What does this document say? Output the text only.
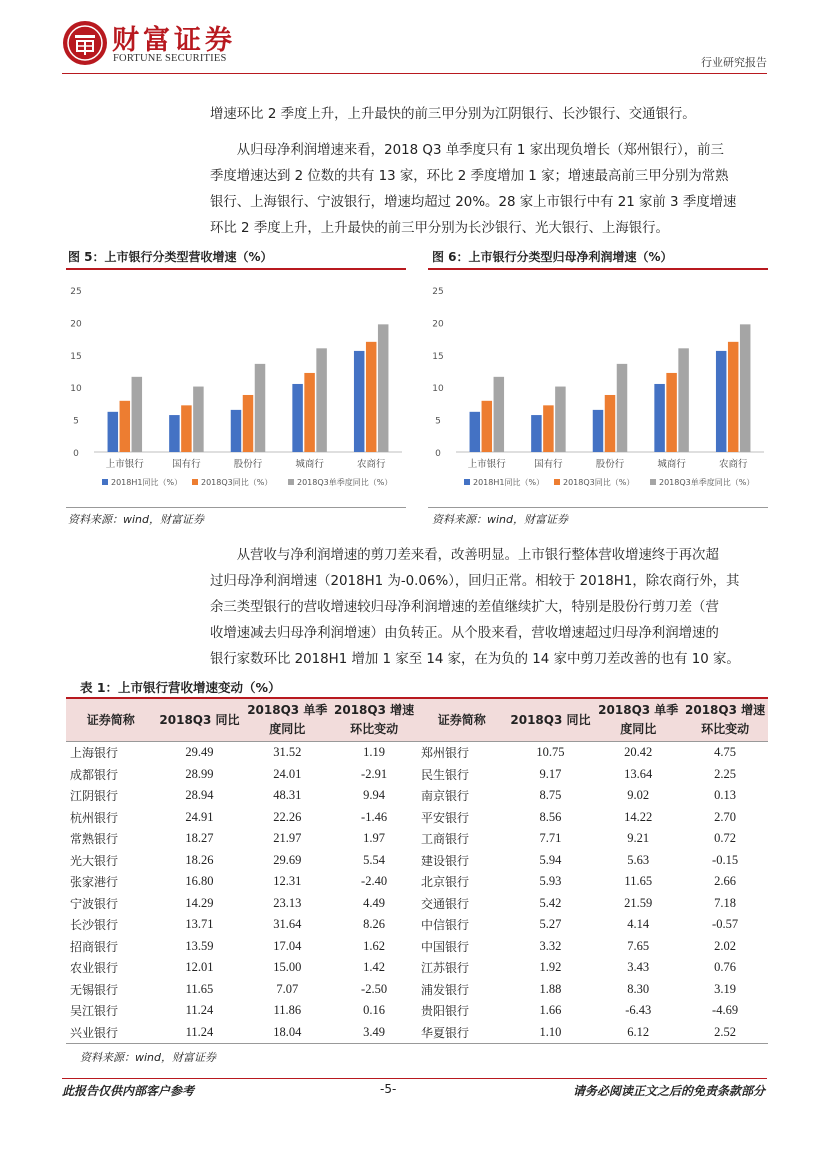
财富证券
FORTUNE SECURITIES	行业研究报告
增速环比 2 季度上升，上升最快的前三甲分别为江阴银行、长沙银行、交通银行。
　　从归母净利润增速来看，2018 Q3 单季度只有 1 家出现负增长（郑州银行），前三
季度增速达到 2 位数的共有 13 家，环比 2 季度增加 1 家；增速最高前三甲分别为常熟
银行、上海银行、宁波银行，增速均超过 20%。28 家上市银行中有 21 家前 3 季度增速
环比 2 季度上升，上升最快的前三甲分别为长沙银行、光大银行、上海银行。
图 5：上市银行分类型营收增速（%）
0
5
10
15
20
25
上市银行	国有行	股份行	城商行	农商行
2018H1同比（%） 2018Q3同比（%）	2018Q3单季度同比（%）
资料来源：wind，财富证券
图 6：上市银行分类型归母净利润增速（%）
0
5
10
15
20
25
上市银行	国有行	股份行	城商行	农商行
2018H1同比（%） 2018Q3同比（%）	2018Q3单季度同比（%）
资料来源：wind，财富证券
　　从营收与净利润增速的剪刀差来看，改善明显。上市银行整体营收增速终于再次超
过归母净利润增速（2018H1 为-0.06%），回归正常。相较于 2018H1，除农商行外，其
余三类型银行的营收增速较归母净利润增速的差值继续扩大，特别是股份行剪刀差（营
收增速减去归母净利润增速）由负转正。从个股来看，营收增速超过归母净利润增速的
银行家数环比 2018H1 增加 1 家至 14 家，在为负的 14 家中剪刀差改善的也有 10 家。
表 1：上市银行营收增速变动（%）
证券简称	2018Q3 同比	2018Q3 单季度同比	2018Q3 增速环比变动	证券简称	2018Q3 同比	2018Q3 单季度同比	2018Q3 增速环比变动
上海银行	29.49	31.52	1.19	郑州银行	10.75	20.42	4.75
成都银行	28.99	24.01	-2.91	民生银行	9.17	13.64	2.25
江阴银行	28.94	48.31	9.94	南京银行	8.75	9.02	0.13
杭州银行	24.91	22.26	-1.46	平安银行	8.56	14.22	2.70
常熟银行	18.27	21.97	1.97	工商银行	7.71	9.21	0.72
光大银行	18.26	29.69	5.54	建设银行	5.94	5.63	-0.15
张家港行	16.80	12.31	-2.40	北京银行	5.93	11.65	2.66
宁波银行	14.29	23.13	4.49	交通银行	5.42	21.59	7.18
长沙银行	13.71	31.64	8.26	中信银行	5.27	4.14	-0.57
招商银行	13.59	17.04	1.62	中国银行	3.32	7.65	2.02
农业银行	12.01	15.00	1.42	江苏银行	1.92	3.43	0.76
无锡银行	11.65	7.07	-2.50	浦发银行	1.88	8.30	3.19
吴江银行	11.24	11.86	0.16	贵阳银行	1.66	-6.43	-4.69
兴业银行	11.24	18.04	3.49	华夏银行	1.10	6.12	2.52
资料来源：wind，财富证券
此报告仅供内部客户参考	-5-	请务必阅读正文之后的免责条款部分
